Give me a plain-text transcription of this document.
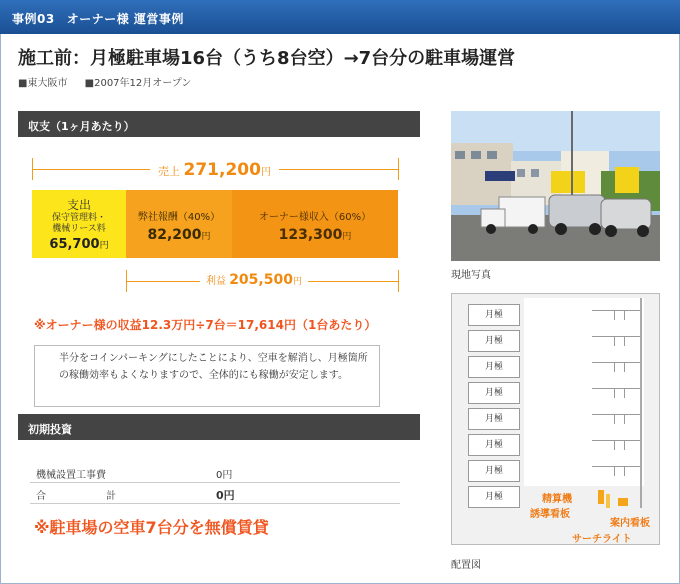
事例03 オーナー様 運営事例
施工前：月極駐車場16台（うち8台空）→7台分の駐車場運営
■東大阪市 ■2007年12月オープン
収支（1ヶ月あたり）
売上 271,200円
支出
保守管理料・
機械リース料
65,700円
弊社報酬（40%）
82,200円
オーナー様収入（60%）
123,300円
利益 205,500円
※オーナー様の収益12.3万円÷7台＝17,614円（1台あたり）
半分をコインパーキングにしたことにより、空車を解消し、月極箇所の稼働効率もよくなりますので、全体的にも稼働が安定します。
初期投資
機械設置工事費	0円
合	計	0円
※駐車場の空車7台分を無償賃貸
現地写真
月極
月極
月極
月極
月極
月極
月極
月極	精算機
誘導看板
案内看板
サーチライト
配置図
